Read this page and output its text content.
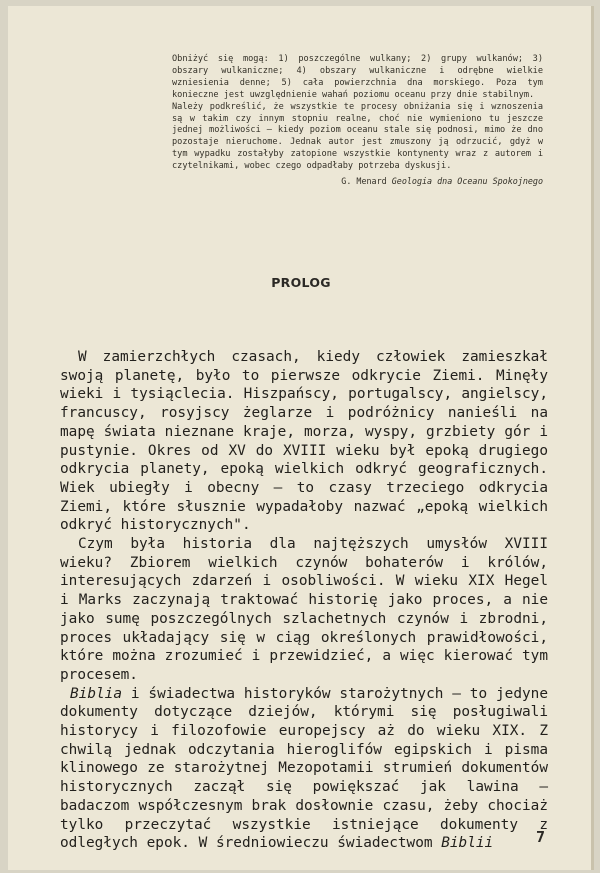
Obniżyć się mogą: 1) poszczególne wulkany; 2) grupy wulkanów; 3) obszary wulkaniczne; 4) obszary wulkaniczne i odrębne wielkie wzniesienia denne; 5) cała powierzchnia dna morskiego. Poza tym konieczne jest uwzględnienie wahań poziomu oceanu przy dnie stabilnym.

Należy podkreślić, że wszystkie te procesy obniżania się i wznoszenia są w takim czy innym stopniu realne, choć nie wymieniono tu jeszcze jednej możliwości — kiedy poziom oceanu stale się podnosi, mimo że dno pozostaje nieruchome. Jednak autor jest zmuszony ją odrzucić, gdyż w tym wypadku zostałyby zatopione wszystkie kontynenty wraz z autorem i czytelnikami, wobec czego odpadłaby potrzeba dyskusji.

G. Menard Geologia dna Oceanu Spokojnego
PROLOG

W zamierzchłych czasach, kiedy człowiek zamieszkał swoją planetę, było to pierwsze odkrycie Ziemi. Minęły wieki i tysiąclecia. Hiszpańscy, portugalscy, angielscy, francuscy, rosyjscy żeglarze i podróżnicy nanieśli na mapę świata nieznane kraje, morza, wyspy, grzbiety gór i pustynie. Okres od XV do XVIII wieku był epoką drugiego odkrycia planety, epoką wielkich odkryć geograficznych. Wiek ubiegły i obecny — to czasy trzeciego odkrycia Ziemi, które słusznie wypadałoby nazwać „epoką wielkich odkryć historycznych".

Czym była historia dla najtęższych umysłów XVIII wieku? Zbiorem wielkich czynów bohaterów i królów, interesujących zdarzeń i osobliwości. W wieku XIX Hegel i Marks zaczynają traktować historię jako proces, a nie jako sumę poszczególnych szlachetnych czynów i zbrodni, proces układający się w ciąg określonych prawidłowości, które można zrozumieć i przewidzieć, a więc kierować tym procesem.

Biblia i świadectwa historyków starożytnych — to jedyne dokumenty dotyczące dziejów, którymi się posługiwali historycy i filozofowie europejscy aż do wieku XIX. Z chwilą jednak odczytania hieroglifów egipskich i pisma klinowego ze starożytnej Mezopotamii strumień dokumentów historycznych zaczął się powiększać jak lawina — badaczom współczesnym brak dosłownie czasu, żeby chociaż tylko przeczytać wszystkie istniejące dokumenty z odległych epok. W średniowieczu świadectwom Biblii	7
